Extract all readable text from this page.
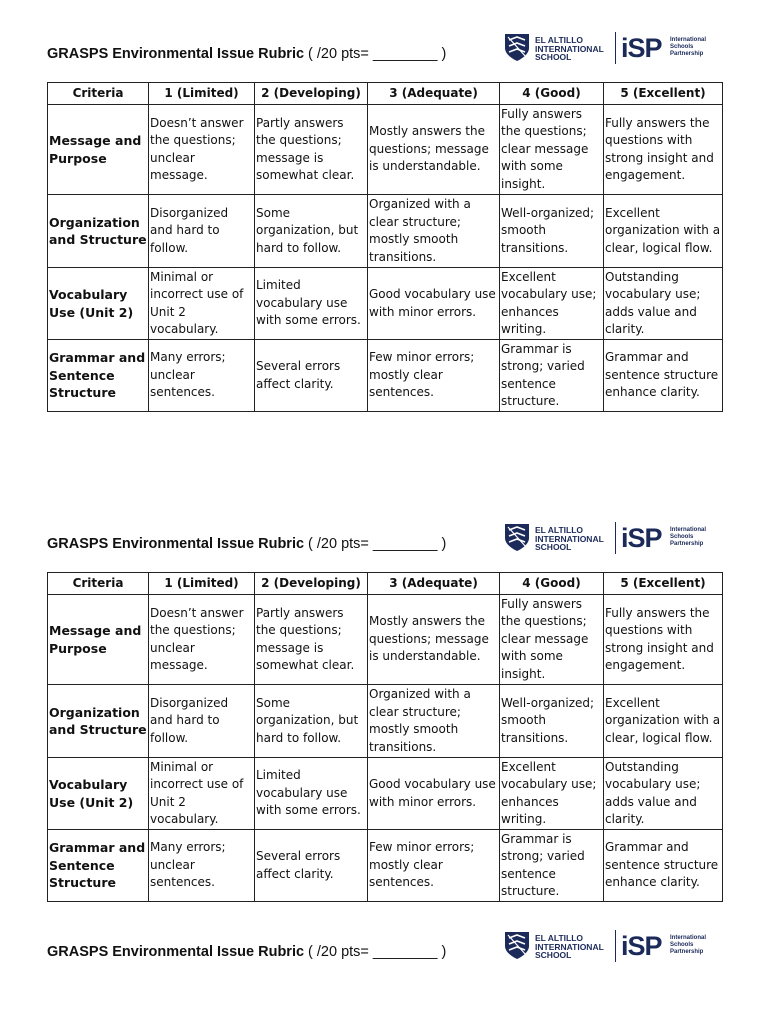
GRASPS Environmental Issue Rubric ( /20 pts= ________ )
EL ALTILLO
INTERNATIONAL
SCHOOL	iSP International
Schools
Partnership
Criteria	1 (Limited)	2 (Developing)	3 (Adequate)	4 (Good)	5 (Excellent)
Message and Purpose	Doesn’t answer the questions; unclear message.	Partly answers the questions; message is somewhat clear.	Mostly answers the questions; message is understandable.	Fully answers the questions; clear message with some insight.	Fully answers the questions with strong insight and engagement.
Organization and Structure	Disorganized and hard to follow.	Some organization, but hard to follow.	Organized with a clear structure; mostly smooth transitions.	Well-organized; smooth transitions.	Excellent organization with a clear, logical flow.
Vocabulary Use (Unit 2)	Minimal or incorrect use of Unit 2 vocabulary.	Limited vocabulary use with some errors.	Good vocabulary use with minor errors.	Excellent vocabulary use; enhances writing.	Outstanding vocabulary use; adds value and clarity.
Grammar and Sentence Structure	Many errors; unclear sentences.	Several errors affect clarity.	Few minor errors; mostly clear sentences.	Grammar is strong; varied sentence structure.	Grammar and sentence structure enhance clarity.
GRASPS Environmental Issue Rubric ( /20 pts= ________ )
EL ALTILLO
INTERNATIONAL
SCHOOL	iSP International
Schools
Partnership
Criteria	1 (Limited)	2 (Developing)	3 (Adequate)	4 (Good)	5 (Excellent)
Message and Purpose	Doesn’t answer the questions; unclear message.	Partly answers the questions; message is somewhat clear.	Mostly answers the questions; message is understandable.	Fully answers the questions; clear message with some insight.	Fully answers the questions with strong insight and engagement.
Organization and Structure	Disorganized and hard to follow.	Some organization, but hard to follow.	Organized with a clear structure; mostly smooth transitions.	Well-organized; smooth transitions.	Excellent organization with a clear, logical flow.
Vocabulary Use (Unit 2)	Minimal or incorrect use of Unit 2 vocabulary.	Limited vocabulary use with some errors.	Good vocabulary use with minor errors.	Excellent vocabulary use; enhances writing.	Outstanding vocabulary use; adds value and clarity.
Grammar and Sentence Structure	Many errors; unclear sentences.	Several errors affect clarity.	Few minor errors; mostly clear sentences.	Grammar is strong; varied sentence structure.	Grammar and sentence structure enhance clarity.
GRASPS Environmental Issue Rubric ( /20 pts= ________ )
EL ALTILLO
INTERNATIONAL
SCHOOL	iSP International
Schools
Partnership
